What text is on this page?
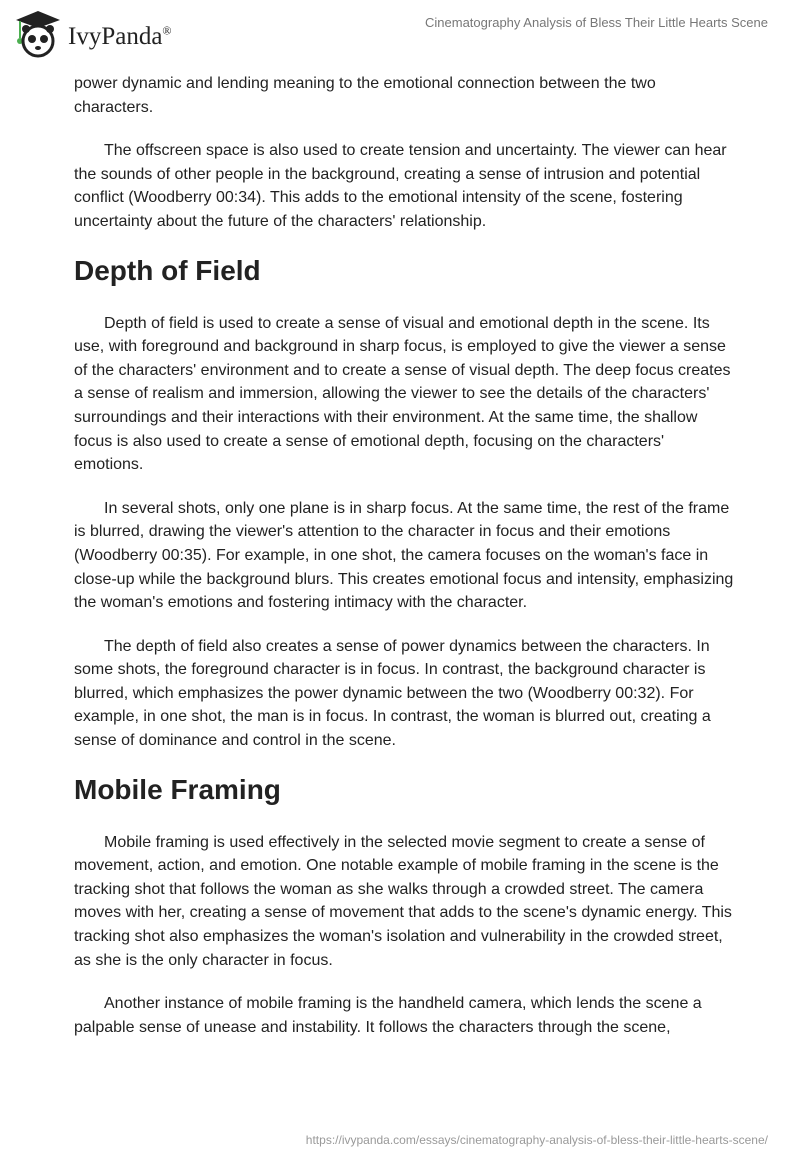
IvyPanda®
Cinematography Analysis of Bless Their Little Hearts Scene

power dynamic and lending meaning to the emotional connection between the two characters.

The offscreen space is also used to create tension and uncertainty. The viewer can hear the sounds of other people in the background, creating a sense of intrusion and potential conflict (Woodberry 00:34). This adds to the emotional intensity of the scene, fostering uncertainty about the future of the characters' relationship.

Depth of Field

Depth of field is used to create a sense of visual and emotional depth in the scene. Its use, with foreground and background in sharp focus, is employed to give the viewer a sense of the characters' environment and to create a sense of visual depth. The deep focus creates a sense of realism and immersion, allowing the viewer to see the details of the characters' surroundings and their interactions with their environment. At the same time, the shallow focus is also used to create a sense of emotional depth, focusing on the characters' emotions.

In several shots, only one plane is in sharp focus. At the same time, the rest of the frame is blurred, drawing the viewer's attention to the character in focus and their emotions (Woodberry 00:35). For example, in one shot, the camera focuses on the woman's face in close-up while the background blurs. This creates emotional focus and intensity, emphasizing the woman's emotions and fostering intimacy with the character.

The depth of field also creates a sense of power dynamics between the characters. In some shots, the foreground character is in focus. In contrast, the background character is blurred, which emphasizes the power dynamic between the two (Woodberry 00:32). For example, in one shot, the man is in focus. In contrast, the woman is blurred out, creating a sense of dominance and control in the scene.

Mobile Framing

Mobile framing is used effectively in the selected movie segment to create a sense of movement, action, and emotion. One notable example of mobile framing in the scene is the tracking shot that follows the woman as she walks through a crowded street. The camera moves with her, creating a sense of movement that adds to the scene's dynamic energy. This tracking shot also emphasizes the woman's isolation and vulnerability in the crowded street, as she is the only character in focus.

Another instance of mobile framing is the handheld camera, which lends the scene a palpable sense of unease and instability. It follows the characters through the scene,

https://ivypanda.com/essays/cinematography-analysis-of-bless-their-little-hearts-scene/
